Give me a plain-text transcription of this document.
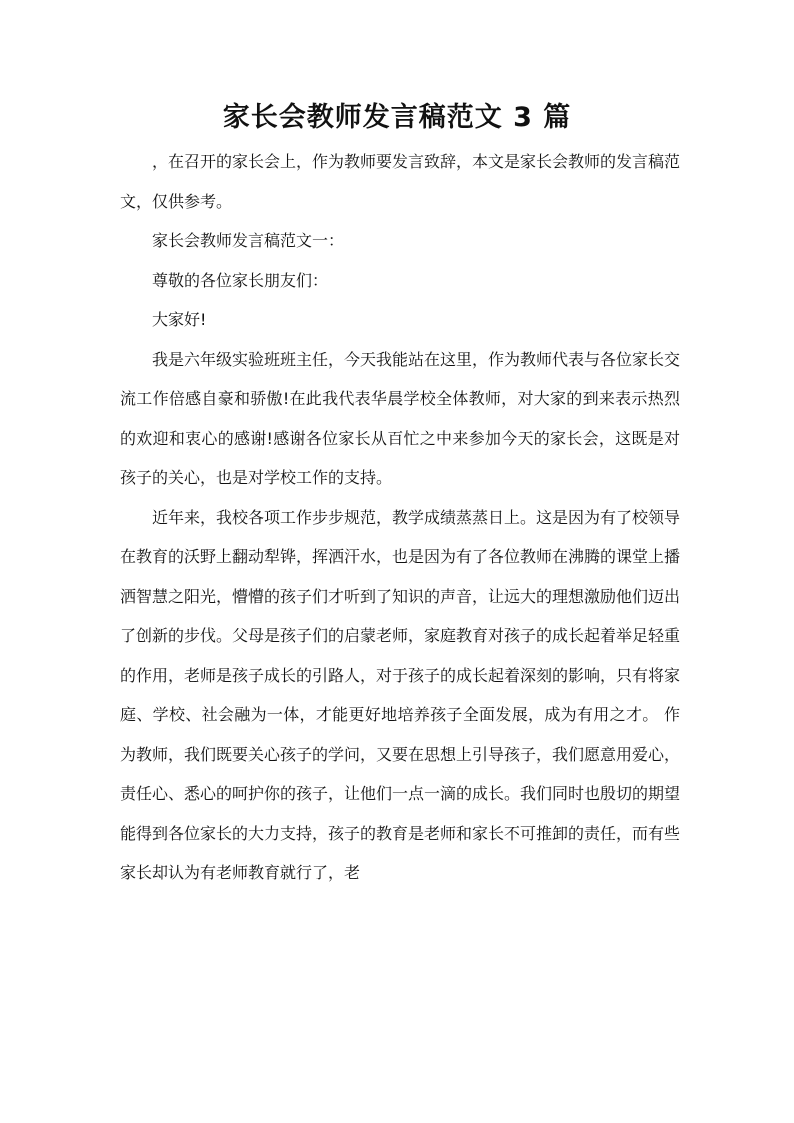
家长会教师发言稿范文 3 篇

，在召开的家长会上，作为教师要发言致辞，本文是家长会教师的发言稿范文，仅供参考。

家长会教师发言稿范文一：

尊敬的各位家长朋友们：

大家好!

我是六年级实验班班主任，今天我能站在这里，作为教师代表与各位家长交流工作倍感自豪和骄傲!在此我代表华晨学校全体教师，对大家的到来表示热烈的欢迎和衷心的感谢!感谢各位家长从百忙之中来参加今天的家长会，这既是对孩子的关心，也是对学校工作的支持。

近年来，我校各项工作步步规范，教学成绩蒸蒸日上。这是因为有了校领导在教育的沃野上翻动犁铧，挥洒汗水，也是因为有了各位教师在沸腾的课堂上播洒智慧之阳光，懵懵的孩子们才听到了知识的声音，让远大的理想激励他们迈出了创新的步伐。父母是孩子们的启蒙老师，家庭教育对孩子的成长起着举足轻重的作用，老师是孩子成长的引路人，对于孩子的成长起着深刻的影响，只有将家庭、学校、社会融为一体，才能更好地培养孩子全面发展，成为有用之才。 作为教师，我们既要关心孩子的学问，又要在思想上引导孩子，我们愿意用爱心，责任心、悉心的呵护你的孩子，让他们一点一滴的成长。我们同时也殷切的期望能得到各位家长的大力支持，孩子的教育是老师和家长不可推卸的责任，而有些家长却认为有老师教育就行了，老
